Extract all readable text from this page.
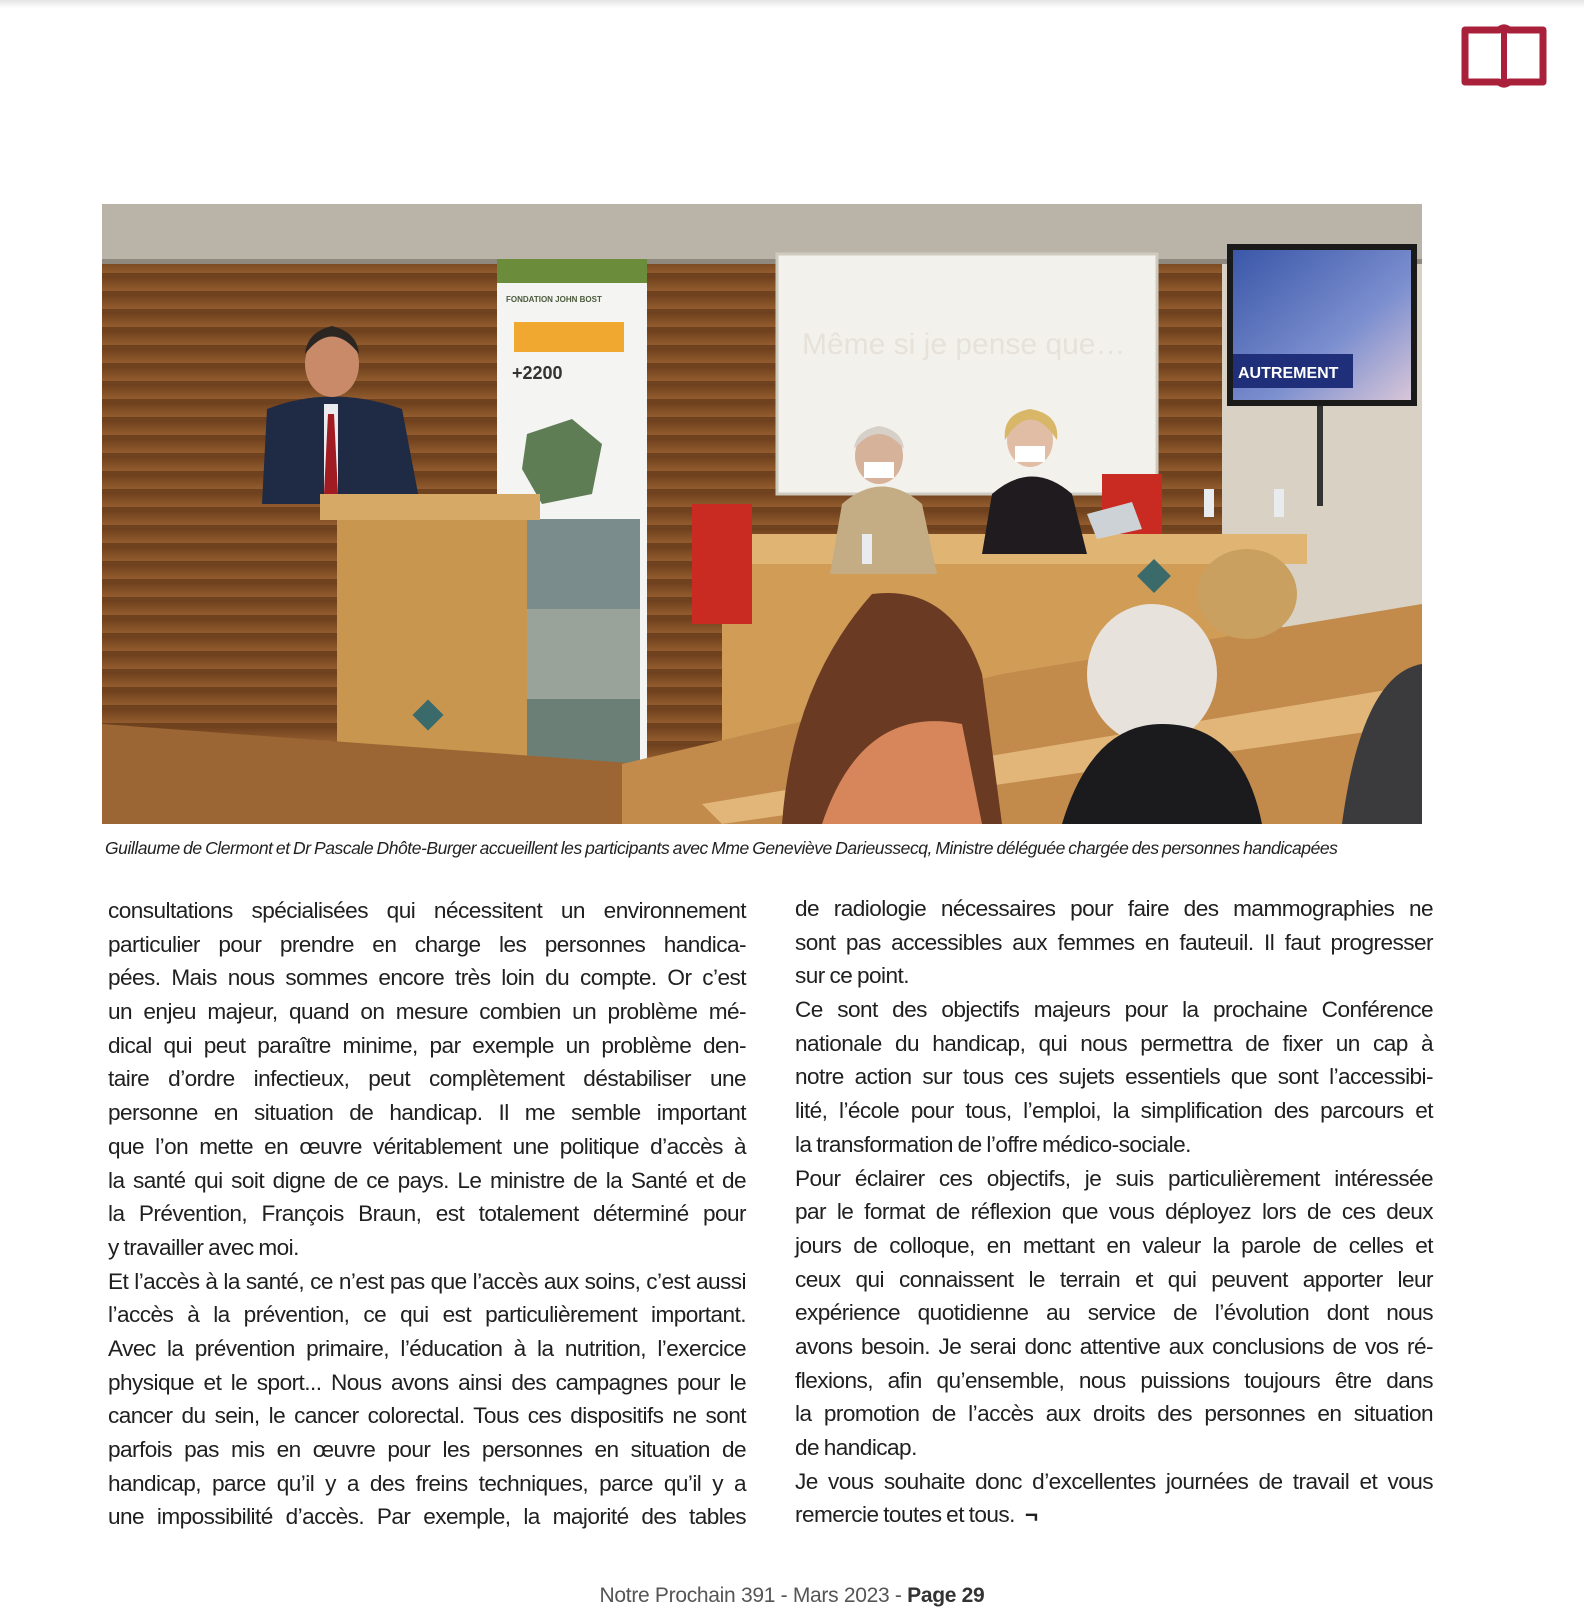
Même si je pense que…
AUTREMENT
FONDATION JOHN BOST
+2200
Guillaume de Clermont et Dr Pascale Dhôte-Burger accueillent les participants avec Mme Geneviève Darieussecq, Ministre déléguée chargée des personnes handicapées
consultations spécialisées qui nécessitent un environnement
particulier pour prendre en charge les personnes handica-
pées. Mais nous sommes encore très loin du compte. Or c’est
un enjeu majeur, quand on mesure combien un problème mé-
dical qui peut paraître minime, par exemple un problème den-
taire d’ordre infectieux, peut complètement déstabiliser une
personne en situation de handicap. Il me semble important
que l’on mette en œuvre véritablement une politique d’accès à
la santé qui soit digne de ce pays. Le ministre de la Santé et de
la Prévention, François Braun, est totalement déterminé pour
y travailler avec moi.
Et l’accès à la santé, ce n’est pas que l’accès aux soins, c’est aussi
l’accès à la prévention, ce qui est particulièrement important.
Avec la prévention primaire, l’éducation à la nutrition, l’exercice
physique et le sport... Nous avons ainsi des campagnes pour le
cancer du sein, le cancer colorectal. Tous ces dispositifs ne sont
parfois pas mis en œuvre pour les personnes en situation de
handicap, parce qu’il y a des freins techniques, parce qu’il y a
une impossibilité d’accès. Par exemple, la majorité des tables
de radiologie nécessaires pour faire des mammographies ne
sont pas accessibles aux femmes en fauteuil. Il faut progresser
sur ce point.
Ce sont des objectifs majeurs pour la prochaine Conférence
nationale du handicap, qui nous permettra de fixer un cap à
notre action sur tous ces sujets essentiels que sont l’accessibi-
lité, l’école pour tous, l’emploi, la simplification des parcours et
la transformation de l’offre médico-sociale.
Pour éclairer ces objectifs, je suis particulièrement intéressée
par le format de réflexion que vous déployez lors de ces deux
jours de colloque, en mettant en valeur la parole de celles et
ceux qui connaissent le terrain et qui peuvent apporter leur
expérience quotidienne au service de l’évolution dont nous
avons besoin. Je serai donc attentive aux conclusions de vos ré-
flexions, afin qu’ensemble, nous puissions toujours être dans
la promotion de l’accès aux droits des personnes en situation
de handicap.
Je vous souhaite donc d’excellentes journées de travail et vous
remercie toutes et tous. ¬
Notre Prochain 391 - Mars 2023 - Page 29
